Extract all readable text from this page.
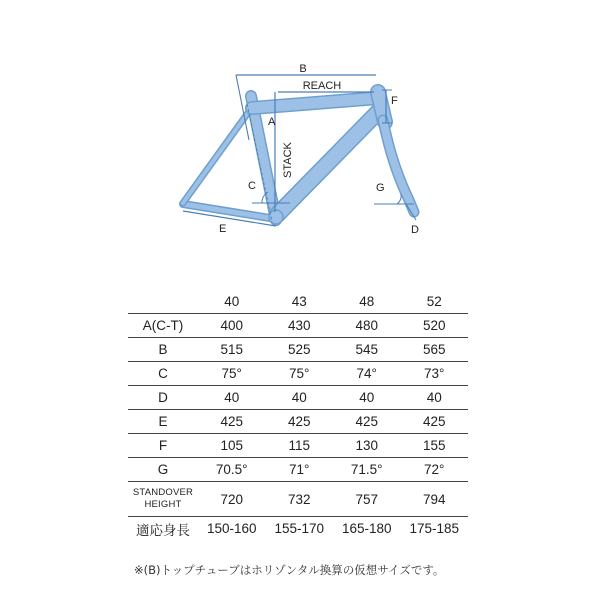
B
REACH
F
A
STACK
C	G
E	D
	40	43	48	52
A(C-T)	400	430	480	520
B	515	525	545	565
C	75°	75°	74°	73°
D	40	40	40	40
E	425	425	425	425
F	105	115	130	155
G	70.5°	71°	71.5°	72°
STANDOVER
HEIGHT	720	732	757	794
適応身長	150-160	155-170	165-180	175-185
※(B)トップチューブはホリゾンタル換算の仮想サイズです。
